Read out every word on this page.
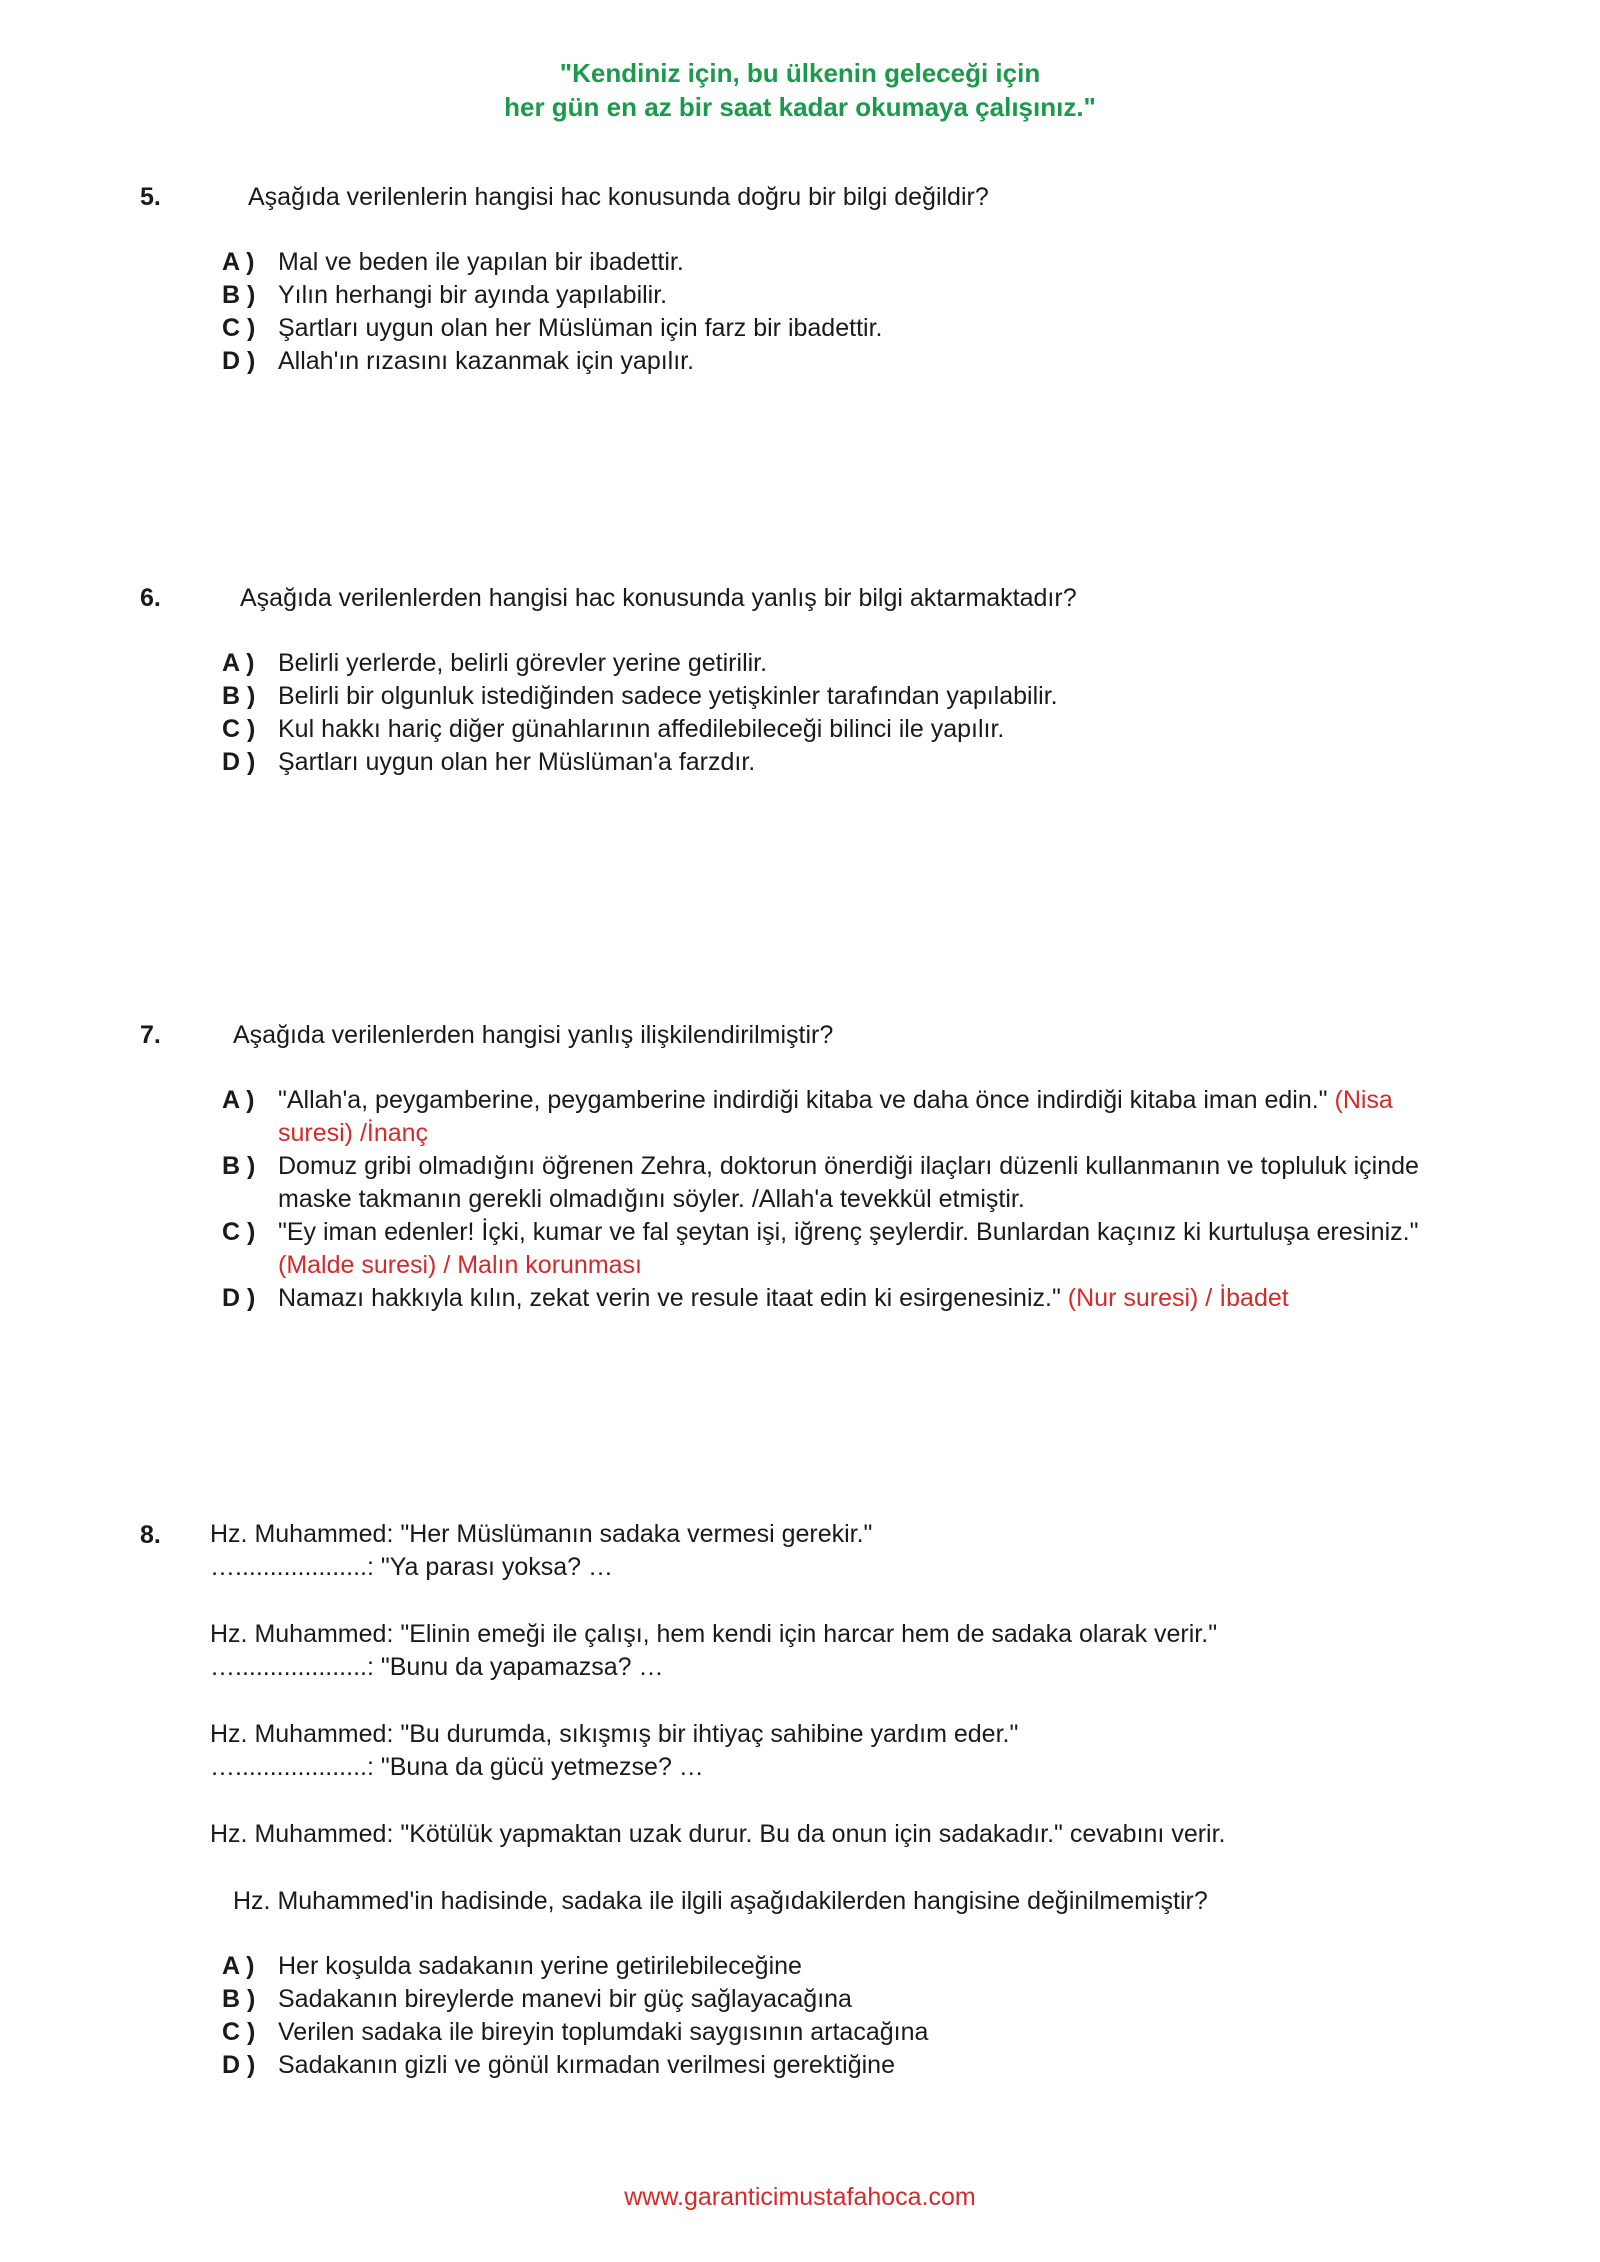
"Kendiniz için, bu ülkenin geleceği için
her gün en az bir saat kadar okumaya çalışınız."
5.	Aşağıda verilenlerin hangisi hac konusunda doğru bir bilgi değildir?
A ) Mal ve beden ile yapılan bir ibadettir.
B ) Yılın herhangi bir ayında yapılabilir.
C ) Şartları uygun olan her Müslüman için farz bir ibadettir.
D ) Allah'ın rızasını kazanmak için yapılır.
6.	Aşağıda verilenlerden hangisi hac konusunda yanlış bir bilgi aktarmaktadır?
A ) Belirli yerlerde, belirli görevler yerine getirilir.
B ) Belirli bir olgunluk istediğinden sadece yetişkinler tarafından yapılabilir.
C ) Kul hakkı hariç diğer günahlarının affedilebileceği bilinci ile yapılır.
D ) Şartları uygun olan her Müslüman'a farzdır.
7.	Aşağıda verilenlerden hangisi yanlış ilişkilendirilmiştir?
A ) "Allah'a, peygamberine, peygamberine indirdiği kitaba ve daha önce indirdiği kitaba iman edin." (Nisa suresi) /İnanç
B ) Domuz gribi olmadığını öğrenen Zehra, doktorun önerdiği ilaçları düzenli kullanmanın ve topluluk içinde maske takmanın gerekli olmadığını söyler. /Allah'a tevekkül etmiştir.
C ) "Ey iman edenler! İçki, kumar ve fal şeytan işi, iğrenç şeylerdir. Bunlardan kaçınız ki kurtuluşa eresiniz." (Malde suresi) / Malın korunması
D ) Namazı hakkıyla kılın, zekat verin ve resule itaat edin ki esirgenesiniz." (Nur suresi) / İbadet
8. Hz. Muhammed: "Her Müslümanın sadaka vermesi gerekir."
…...................: "Ya parası yoksa? …
Hz. Muhammed: "Elinin emeği ile çalışı, hem kendi için harcar hem de sadaka olarak verir."
…...................: "Bunu da yapamazsa? …
Hz. Muhammed: "Bu durumda, sıkışmış bir ihtiyaç sahibine yardım eder."
…...................: "Buna da gücü yetmezse? …
Hz. Muhammed: "Kötülük yapmaktan uzak durur. Bu da onun için sadakadır." cevabını verir.
Hz. Muhammed'in hadisinde, sadaka ile ilgili aşağıdakilerden hangisine değinilmemiştir?
A ) Her koşulda sadakanın yerine getirilebileceğine
B ) Sadakanın bireylerde manevi bir güç sağlayacağına
C ) Verilen sadaka ile bireyin toplumdaki saygısının artacağına
D ) Sadakanın gizli ve gönül kırmadan verilmesi gerektiğine
www.garanticimustafahoca.com
